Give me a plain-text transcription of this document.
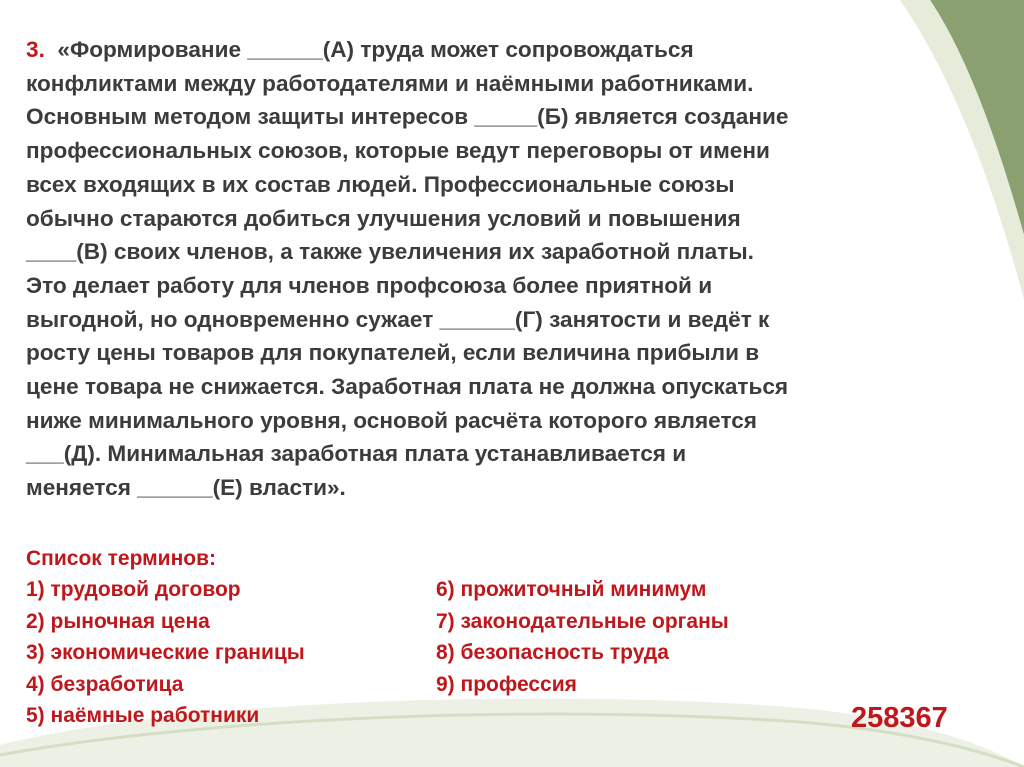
3. «Формирование ______(А) труда может сопровождаться
конфликтами между работодателями и наёмными работниками.
Основным методом защиты интересов _____(Б) является создание
профессиональных союзов, которые ведут переговоры от имени
всех входящих в их состав людей. Профессиональные союзы
обычно стараются добиться улучшения условий и повышения
____(В) своих членов, а также увеличения их заработной платы.
Это делает работу для членов профсоюза более приятной и
выгодной, но одновременно сужает ______(Г) занятости и ведёт к
росту цены товаров для покупателей, если величина прибыли в
цене товара не снижается. Заработная плата не должна опускаться
ниже минимального уровня, основой расчёта которого является
___(Д). Минимальная заработная плата устанавливается и
меняется ______(Е) власти».

Список терминов:

1) трудовой договор
2) рыночная цена
3) экономические границы
4) безработица
5) наёмные работники
6) прожиточный минимум
7) законодательные органы
8) безопасность труда
9) профессия
258367
